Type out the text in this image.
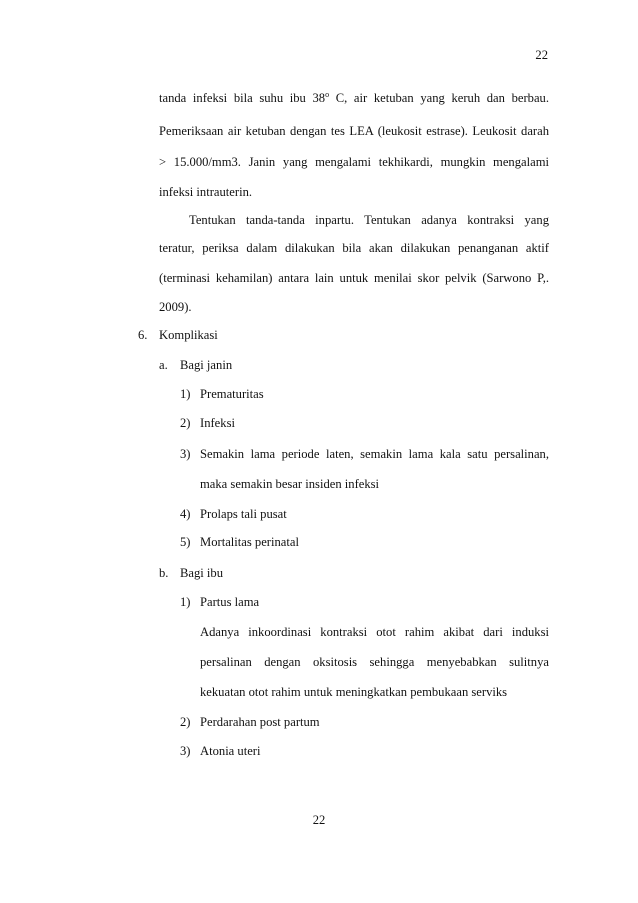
22
tanda infeksi bila suhu ibu 38$^o$ C, air ketuban yang keruh dan berbau.
Pemeriksaan air ketuban dengan tes LEA (leukosit estrase). Leukosit darah
> 15.000/mm3. Janin yang mengalami tekhikardi, mungkin mengalami
infeksi intrauterin.
Tentukan tanda-tanda inpartu. Tentukan adanya kontraksi yang
teratur, periksa dalam dilakukan bila akan dilakukan penanganan aktif
(terminasi kehamilan) antara lain untuk menilai skor pelvik (Sarwono P,.
2009).
6. Komplikasi
a. Bagi janin
1) Prematuritas
2) Infeksi
3) Semakin lama periode laten, semakin lama kala satu persalinan,
maka semakin besar insiden infeksi
4) Prolaps tali pusat
5) Mortalitas perinatal
b. Bagi ibu
1) Partus lama
Adanya inkoordinasi kontraksi otot rahim akibat dari induksi
persalinan dengan oksitosis sehingga menyebabkan sulitnya
kekuatan otot rahim untuk meningkatkan pembukaan serviks
2) Perdarahan post partum
3) Atonia uteri
22
